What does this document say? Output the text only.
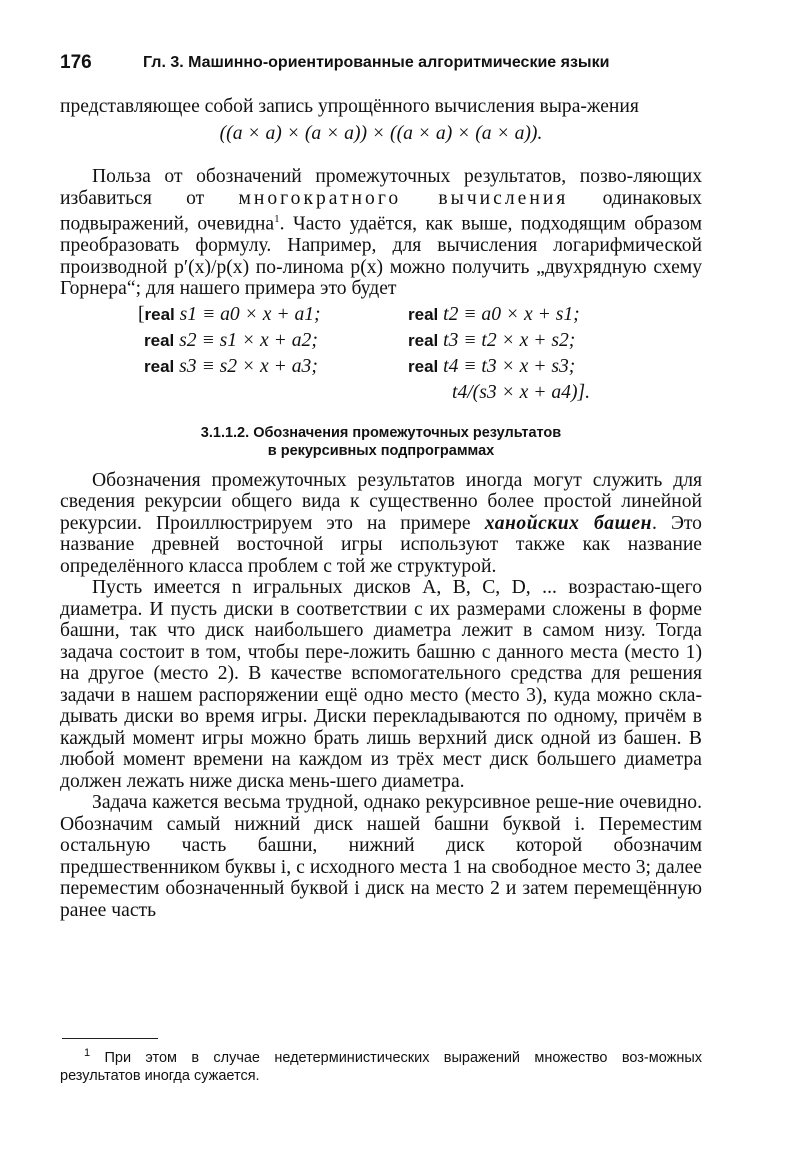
176	Гл. 3. Машинно-ориентированные алгоритмические языки

представляющее собой запись упрощённого вычисления выра-жения

((a × a) × (a × a)) × ((a × a) × (a × a)).

Польза от обозначений промежуточных результатов, позво-ляющих избавиться от многократного вычисления одинаковых подвыражений, очевидна$^1$. Часто удаётся, как выше, подходящим образом преобразовать формулу. Например, для вычисления логарифмической производной p′(x)/p(x) по-линома p(x) можно получить „двухрядную схему Горнера“; для нашего примера это будет

[real s1 ≡ a0 × x + a1;
real s2 ≡ s1 × x + a2;
real s3 ≡ s2 × x + a3;
real t2 ≡ a0 × x + s1;
real t3 ≡ t2 × x + s2;
real t4 ≡ t3 × x + s3;
t4/(s3 × x + a4)].
3.1.1.2. Обозначения промежуточных результатов
в рекурсивных подпрограммах

Обозначения промежуточных результатов иногда могут служить для сведения рекурсии общего вида к существенно более простой линейной рекурсии. Проиллюстрируем это на примере ханойских башен. Это название древней восточной игры используют также как название определённого класса проблем с той же структурой.

Пусть имеется n игральных дисков A, B, C, D, ... возрастаю-щего диаметра. И пусть диски в соответствии с их размерами сложены в форме башни, так что диск наибольшего диаметра лежит в самом низу. Тогда задача состоит в том, чтобы пере-ложить башню с данного места (место 1) на другое (место 2). В качестве вспомогательного средства для решения задачи в нашем распоряжении ещё одно место (место 3), куда можно скла-дывать диски во время игры. Диски перекладываются по одному, причём в каждый момент игры можно брать лишь верхний диск одной из башен. В любой момент времени на каждом из трёх мест диск большего диаметра должен лежать ниже диска мень-шего диаметра.

Задача кажется весьма трудной, однако рекурсивное реше-ние очевидно. Обозначим самый нижний диск нашей башни буквой i. Переместим остальную часть башни, нижний диск которой обозначим предшественником буквы i, с исходного места 1 на свободное место 3; далее переместим обозначенный буквой i диск на место 2 и затем перемещённую ранее часть

$^1$ При этом в случае недетерминистических выражений множество воз-можных результатов иногда сужается.
